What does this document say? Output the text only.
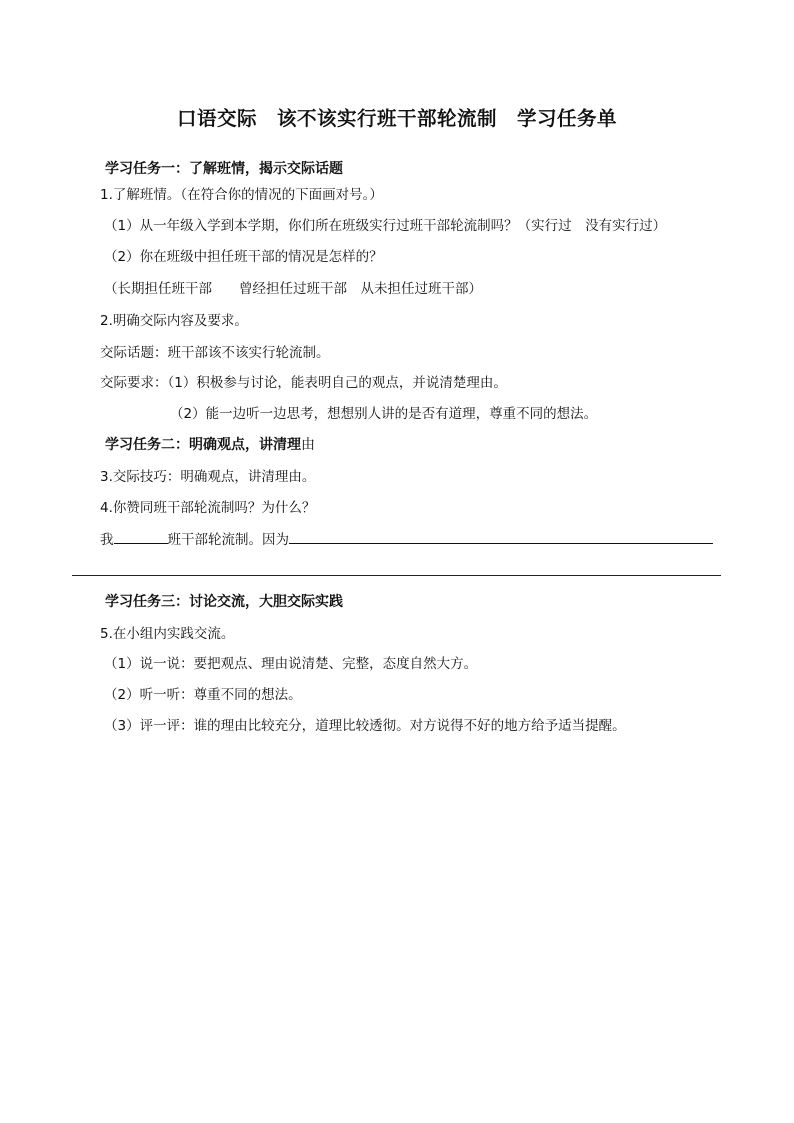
口语交际 该不该实行班干部轮流制 学习任务单
学习任务一：了解班情，揭示交际话题
1.了解班情。（在符合你的情况的下面画对号。）
（1）从一年级入学到本学期，你们所在班级实行过班干部轮流制吗？（实行过　没有实行过）
（2）你在班级中担任班干部的情况是怎样的？
（长期担任班干部　　曾经担任过班干部　从未担任过班干部）
2.明确交际内容及要求。
交际话题：班干部该不该实行轮流制。
交际要求：（1）积极参与讨论，能表明自己的观点，并说清楚理由。
（2）能一边听一边思考，想想别人讲的是否有道理，尊重不同的想法。
学习任务二：明确观点，讲清理由
3.交际技巧：明确观点，讲清理由。
4.你赞同班干部轮流制吗？为什么？
我	班干部轮流制。因为
学习任务三：讨论交流，大胆交际实践
5.在小组内实践交流。
（1）说一说：要把观点、理由说清楚、完整，态度自然大方。
（2）听一听：尊重不同的想法。
（3）评一评：谁的理由比较充分，道理比较透彻。对方说得不好的地方给予适当提醒。
